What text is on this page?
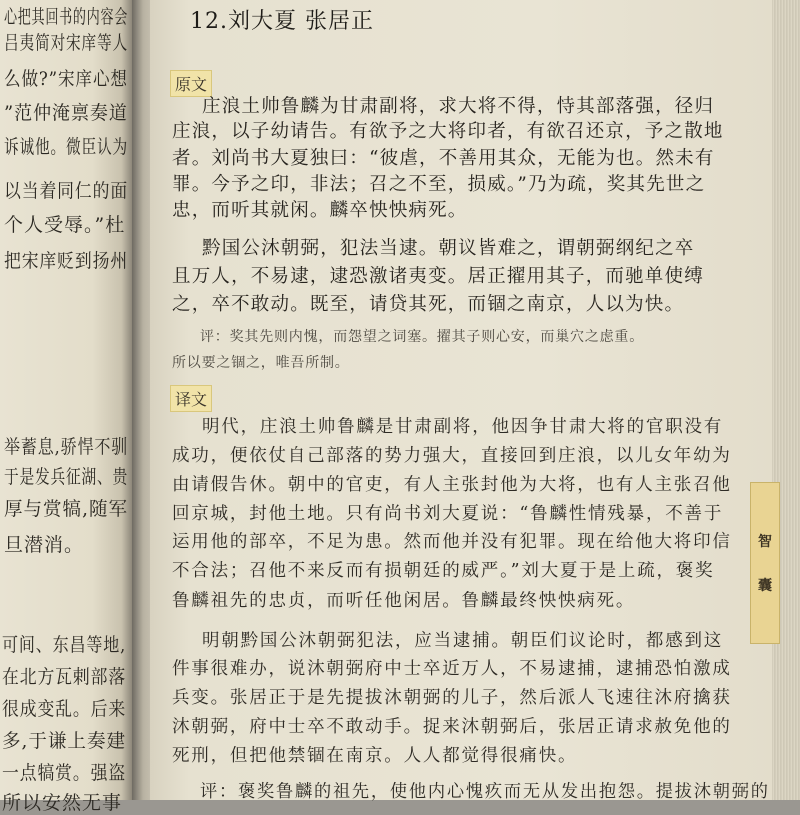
心把其回书的内容会
吕夷简对宋庠等人
么做?”宋庠心想
”范仲淹禀奏道
诉诚他。微臣认为
以当着同仁的面
个人受辱。”杜
把宋庠贬到扬州
举蓄息,骄悍不驯
于是发兵征湖、贵
厚与赏犒,随军
旦潜消。
可间、东昌等地,
在北方瓦剌部落
很成变乱。后来
多,于谦上奏建
一点犒赏。强盗
所以安然无事
12.刘大夏 张居正
原文
庄浪土帅鲁麟为甘肃副将，求大将不得，恃其部落强，径归
庄浪，以子幼请告。有欲予之大将印者，有欲召还京，予之散地
者。刘尚书大夏独曰：“彼虐，不善用其众，无能为也。然未有
罪。今予之印，非法；召之不至，损威。”乃为疏，奖其先世之
忠，而听其就闲。麟卒怏怏病死。
黔国公沐朝弼，犯法当逮。朝议皆难之，谓朝弼纲纪之卒
且万人，不易逮，逮恐激诸夷变。居正擢用其子，而驰单使缚
之，卒不敢动。既至，请贷其死，而锢之南京，人以为快。
评：奖其先则内愧，而怨望之词塞。擢其子则心安，而巢穴之虑重。
所以要之锢之，唯吾所制。
译文
明代，庄浪土帅鲁麟是甘肃副将，他因争甘肃大将的官职没有
成功，便依仗自己部落的势力强大，直接回到庄浪，以儿女年幼为
由请假告休。朝中的官吏，有人主张封他为大将，也有人主张召他
回京城，封他土地。只有尚书刘大夏说：“鲁麟性情残暴，不善于
运用他的部卒，不足为患。然而他并没有犯罪。现在给他大将印信
不合法；召他不来反而有损朝廷的威严。”刘大夏于是上疏，褒奖
鲁麟祖先的忠贞，而听任他闲居。鲁麟最终怏怏病死。
明朝黔国公沐朝弼犯法，应当逮捕。朝臣们议论时，都感到这
件事很难办，说沐朝弼府中士卒近万人，不易逮捕，逮捕恐怕激成
兵变。张居正于是先提拔沐朝弼的儿子，然后派人飞速往沐府擒获
沐朝弼，府中士卒不敢动手。捉来沐朝弼后，张居正请求赦免他的
死刑，但把他禁锢在南京。人人都觉得很痛快。
评：褒奖鲁麟的祖先，使他内心愧疚而无从发出抱怨。提拔沐朝弼的
智
囊
